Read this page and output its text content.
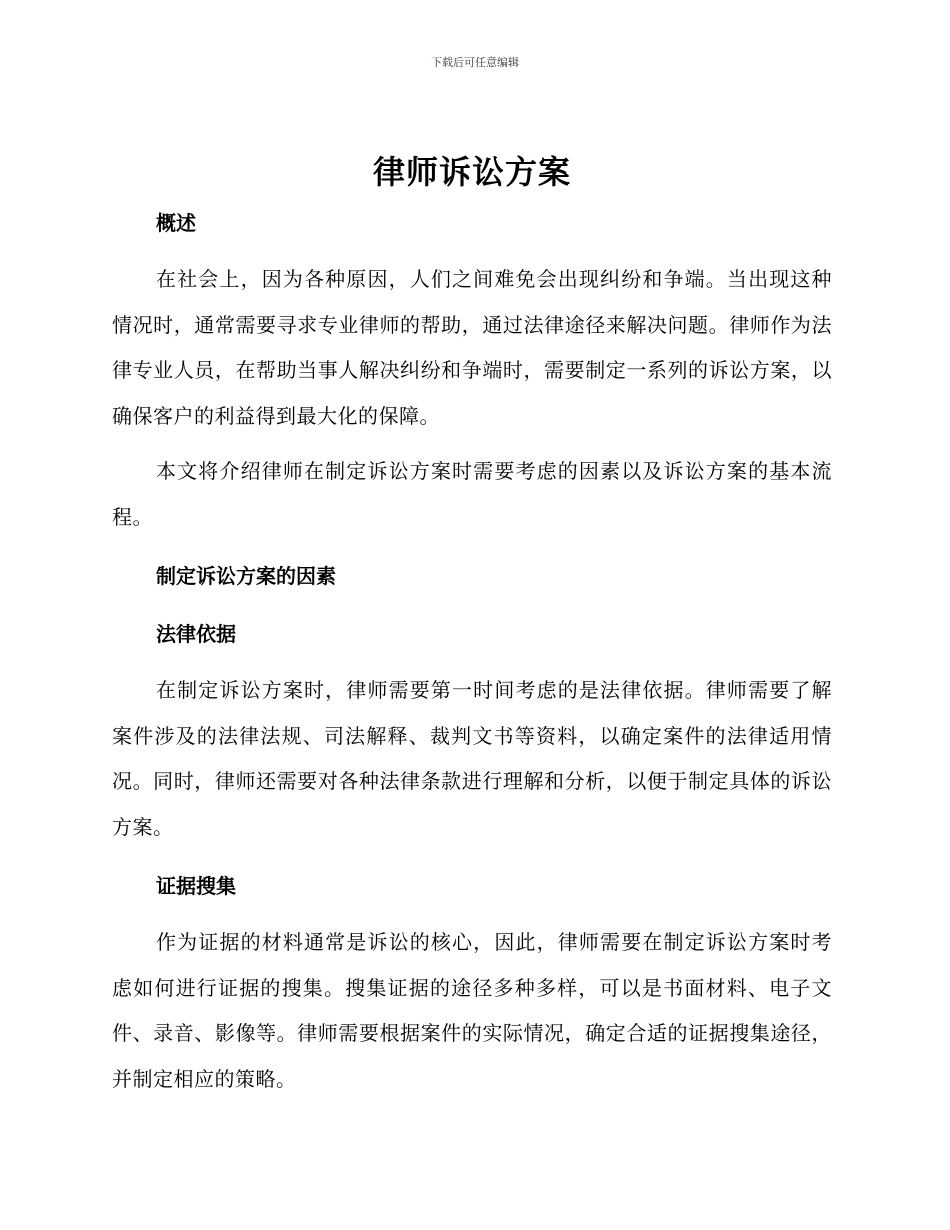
下载后可任意编辑
律师诉讼方案
概述
在社会上，因为各种原因，人们之间难免会出现纠纷和争端。当出现这种情况时，通常需要寻求专业律师的帮助，通过法律途径来解决问题。律师作为法律专业人员，在帮助当事人解决纠纷和争端时，需要制定一系列的诉讼方案，以确保客户的利益得到最大化的保障。
本文将介绍律师在制定诉讼方案时需要考虑的因素以及诉讼方案的基本流程。
制定诉讼方案的因素
法律依据
在制定诉讼方案时，律师需要第一时间考虑的是法律依据。律师需要了解案件涉及的法律法规、司法解释、裁判文书等资料，以确定案件的法律适用情况。同时，律师还需要对各种法律条款进行理解和分析，以便于制定具体的诉讼方案。
证据搜集
作为证据的材料通常是诉讼的核心，因此，律师需要在制定诉讼方案时考虑如何进行证据的搜集。搜集证据的途径多种多样，可以是书面材料、电子文件、录音、影像等。律师需要根据案件的实际情况，确定合适的证据搜集途径，并制定相应的策略。
